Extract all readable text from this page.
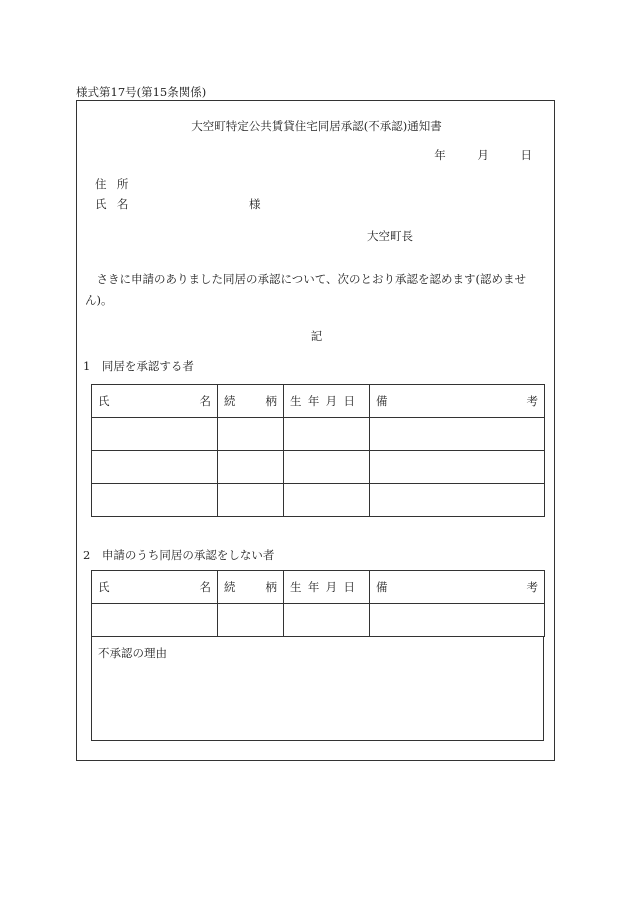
様式第17号(第15条関係)
大空町特定公共賃貸住宅同居承認(不承認)通知書
年	月	日
住所
氏名	様
大空町長
さきに申請のありました同居の承認について、次のとおり承認を認めます(認めません)。
記
1　同居を承認する者
氏 名	続 柄	生年月日	備 考

2　申請のうち同居の承認をしない者
氏 名	続 柄	生年月日	備 考

不承認の理由
